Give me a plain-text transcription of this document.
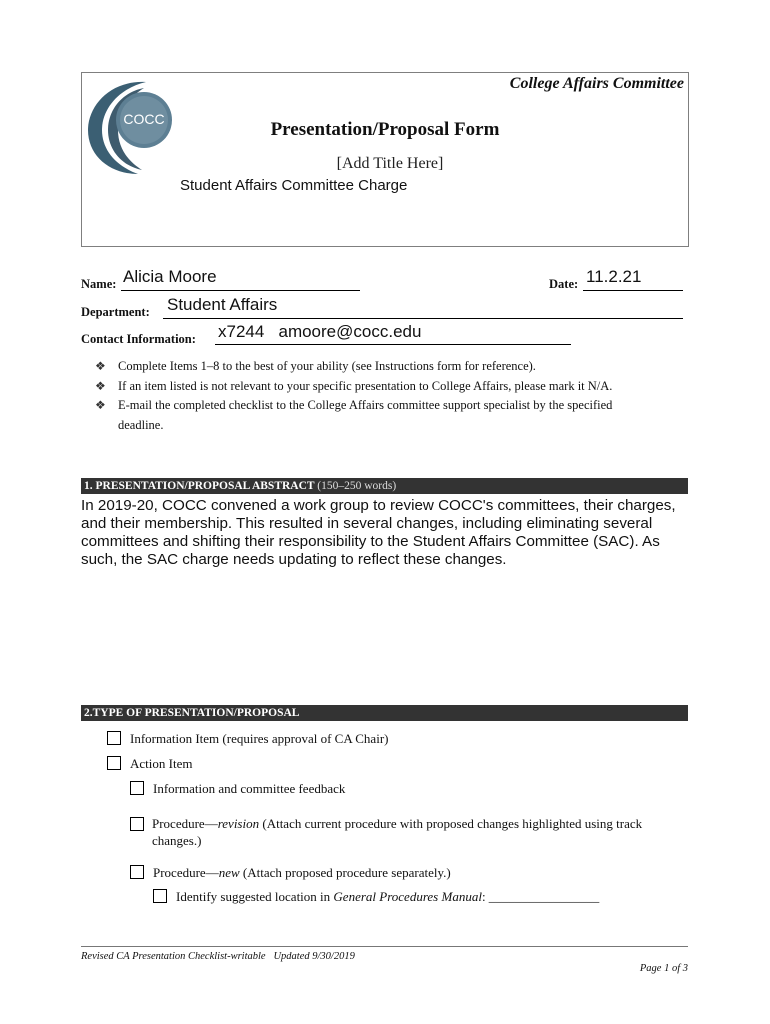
COCC
College Affairs Committee
Presentation/Proposal Form
[Add Title Here]
Student Affairs Committee Charge
Name: Alicia Moore	Date: 11.2.21
Department: Student Affairs
Contact Information: x7244   amoore@cocc.edu
❖ Complete Items 1–8 to the best of your ability (see Instructions form for reference).
❖ If an item listed is not relevant to your specific presentation to College Affairs, please mark it N/A.
❖ E-mail the completed checklist to the College Affairs committee support specialist by the specified deadline.
1. PRESENTATION/PROPOSAL ABSTRACT (150–250 words)
In 2019-20, COCC convened a work group to review COCC's committees, their charges, and their membership. This resulted in several changes, including eliminating several committees and shifting their responsibility to the Student Affairs Committee (SAC). As such, the SAC charge needs updating to reflect these changes.
2.TYPE OF PRESENTATION/PROPOSAL
Information Item (requires approval of CA Chair)
Action Item
Information and committee feedback
Procedure—revision (Attach current procedure with proposed changes highlighted using track changes.)
Procedure—new (Attach proposed procedure separately.)
Identify suggested location in General Procedures Manual: _________________
Revised CA Presentation Checklist-writable   Updated 9/30/2019
Page 1 of 3
